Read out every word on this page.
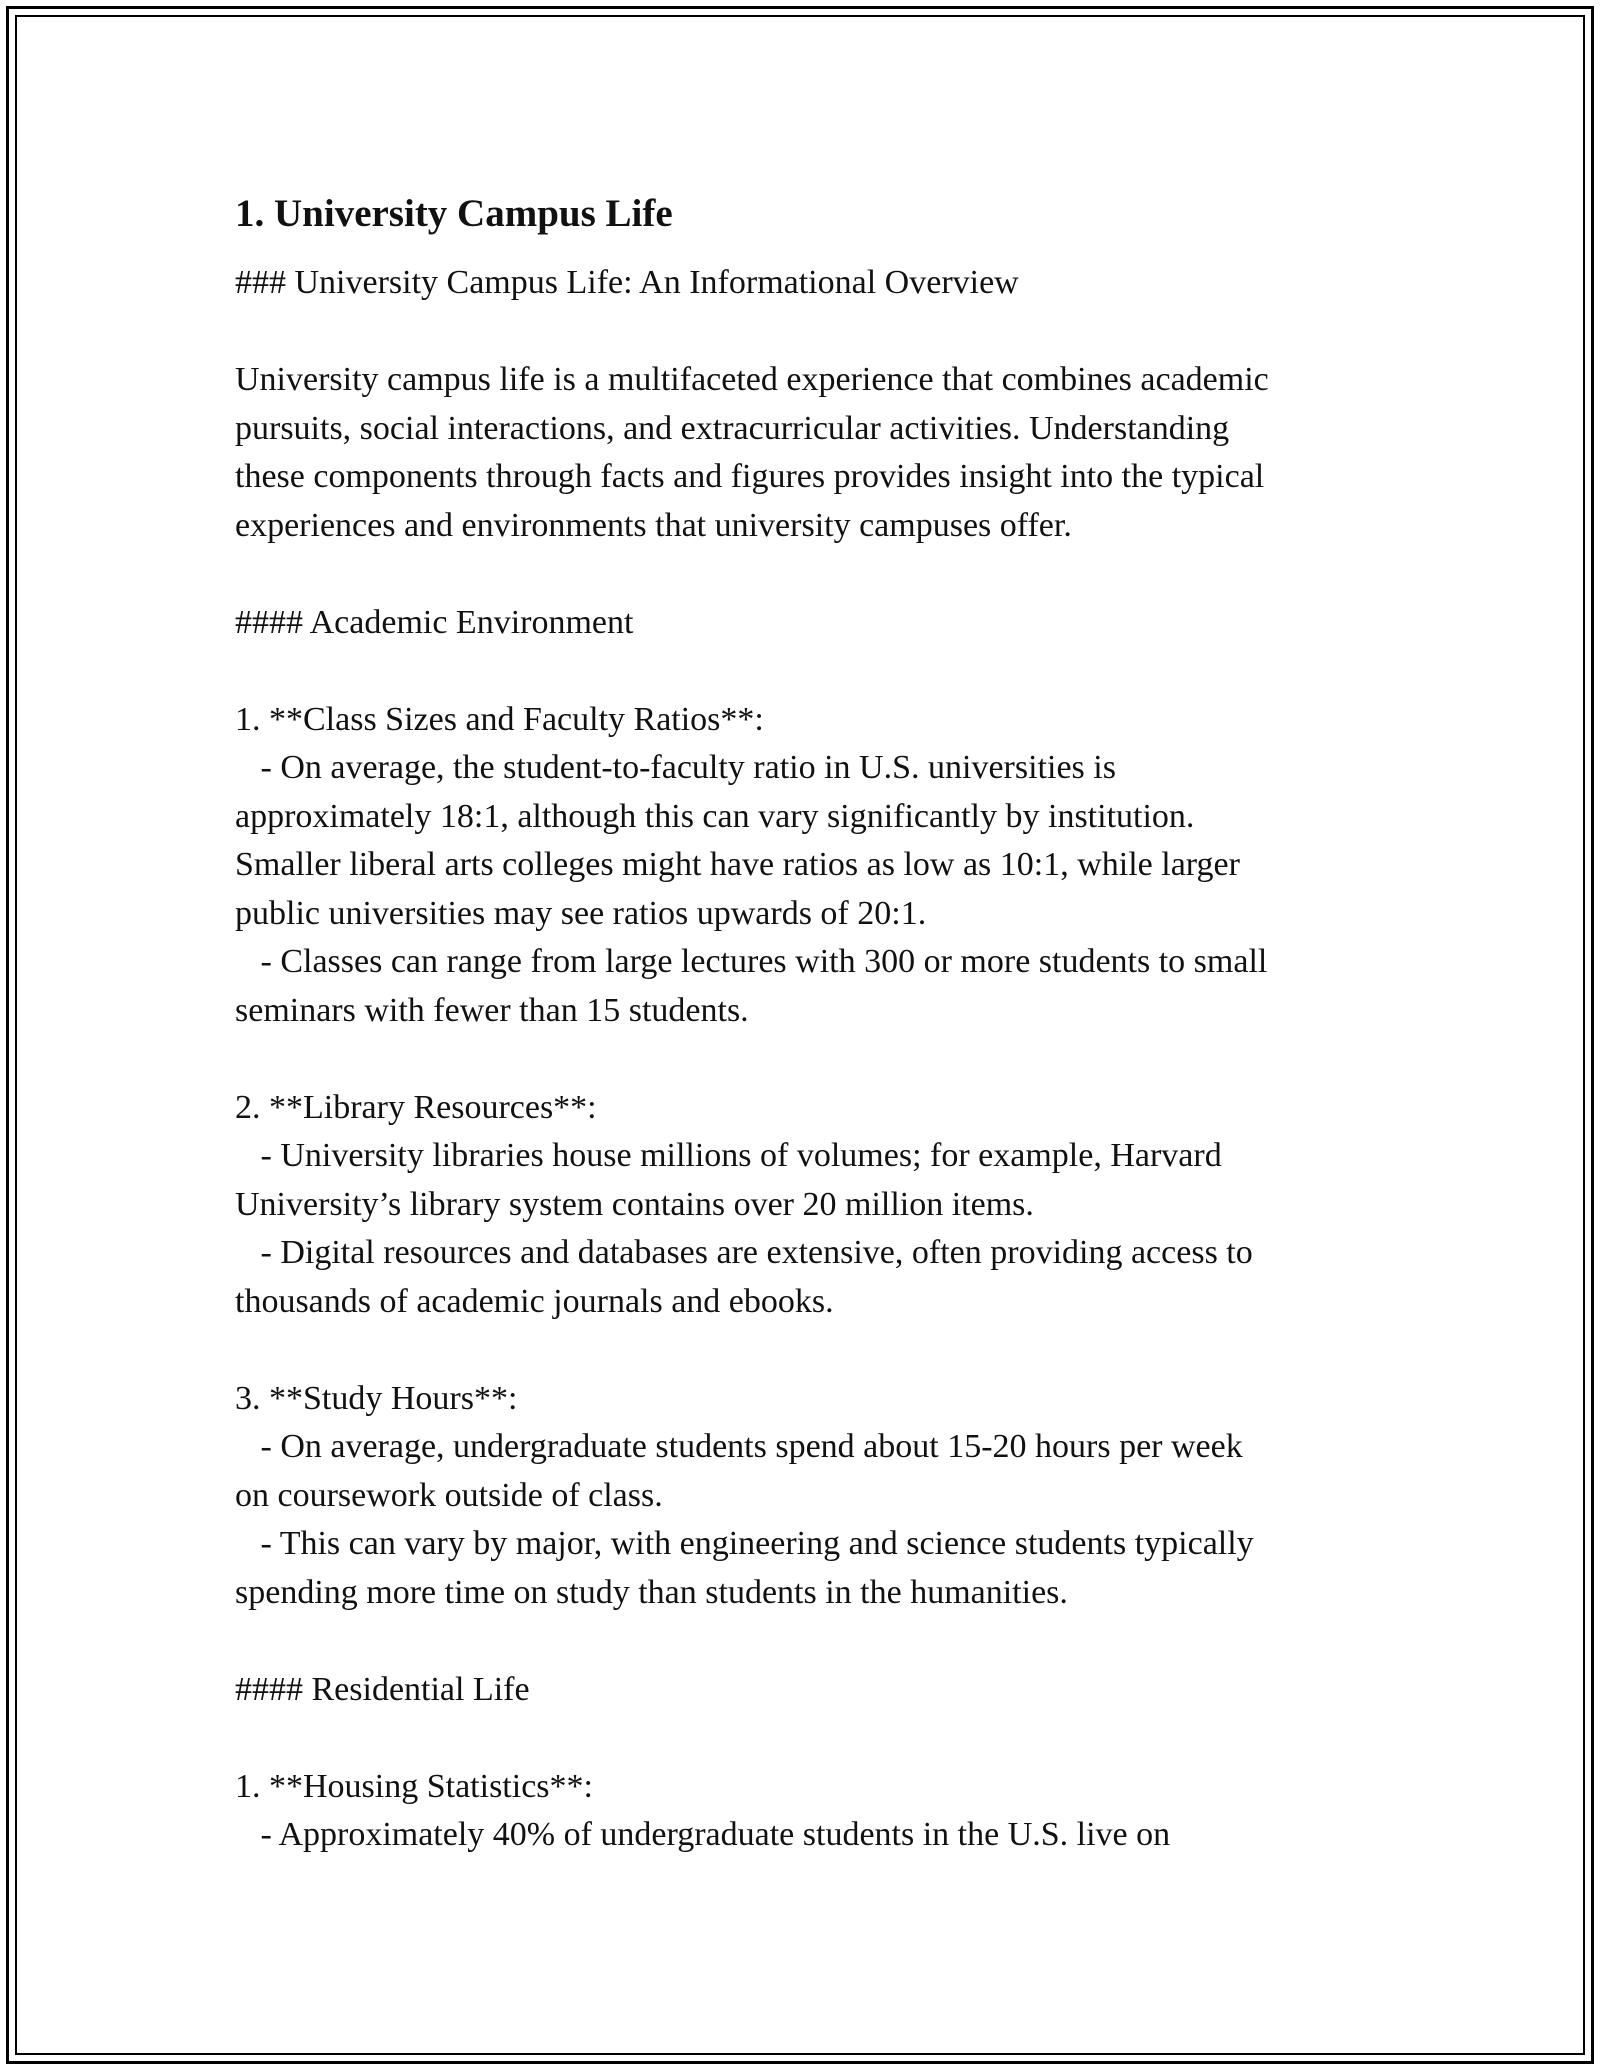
1. University Campus Life

### University Campus Life: An Informational Overview

University campus life is a multifaceted experience that combines academic

pursuits, social interactions, and extracurricular activities. Understanding

these components through facts and figures provides insight into the typical

experiences and environments that university campuses offer.

#### Academic Environment

1. **Class Sizes and Faculty Ratios**:

- On average, the student-to-faculty ratio in U.S. universities is

approximately 18:1, although this can vary significantly by institution.

Smaller liberal arts colleges might have ratios as low as 10:1, while larger

public universities may see ratios upwards of 20:1.

- Classes can range from large lectures with 300 or more students to small

seminars with fewer than 15 students.

2. **Library Resources**:

- University libraries house millions of volumes; for example, Harvard

University’s library system contains over 20 million items.

- Digital resources and databases are extensive, often providing access to

thousands of academic journals and ebooks.

3. **Study Hours**:

- On average, undergraduate students spend about 15-20 hours per week

on coursework outside of class.

- This can vary by major, with engineering and science students typically

spending more time on study than students in the humanities.

#### Residential Life

1. **Housing Statistics**:

- Approximately 40% of undergraduate students in the U.S. live on
